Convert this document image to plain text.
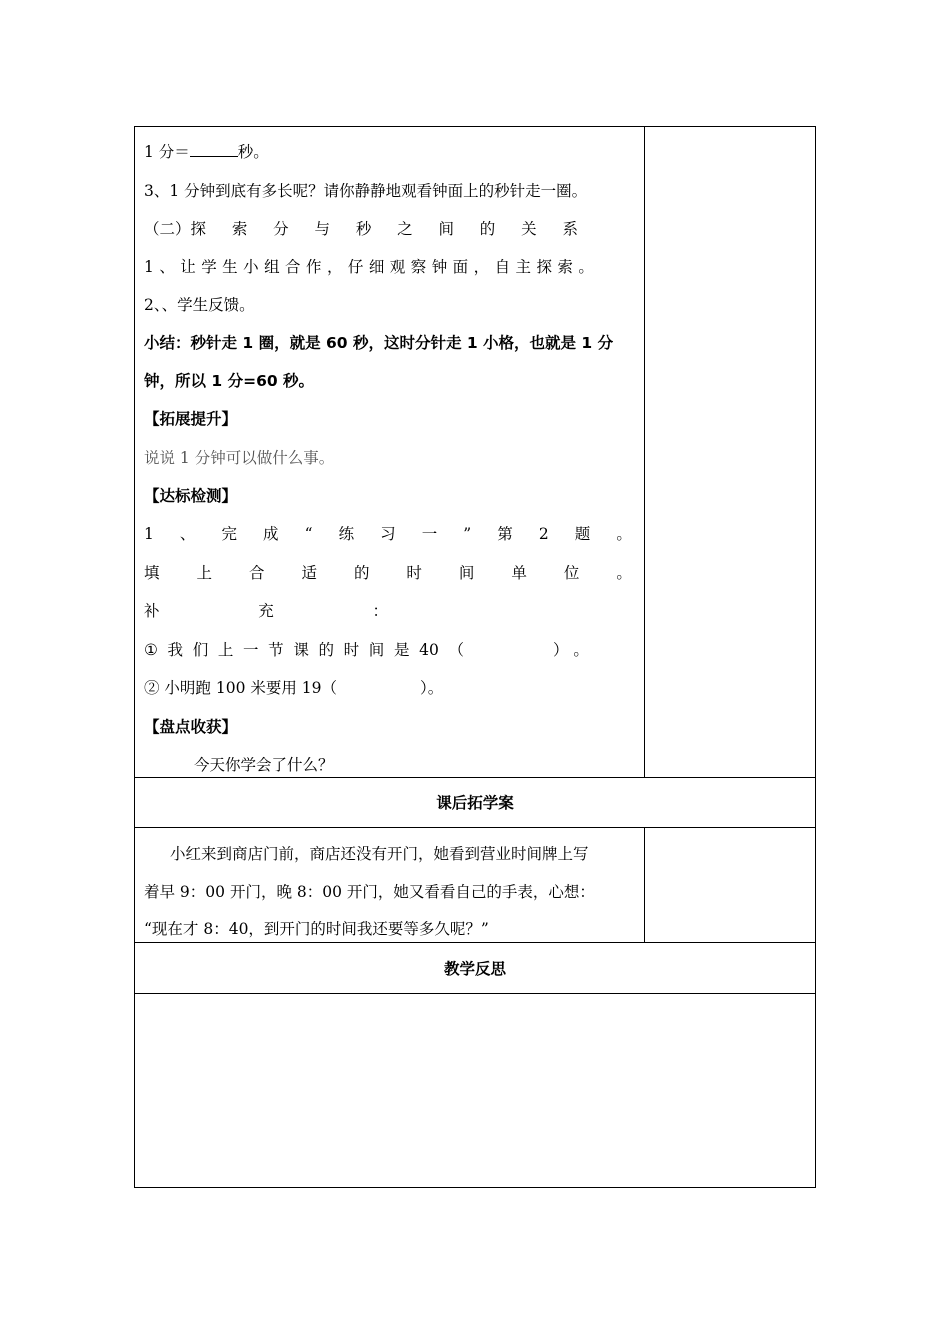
1 分＝	秒。
3、1 分钟到底有多长呢？请你静静地观看钟面上的秒针走一圈。
（二）探 索 分 与 秒 之 间 的 关 系
1 、 让 学 生 小 组 合 作 ， 仔 细 观 察 钟 面 ， 自 主 探 索 。
2、、学生反馈。
小结：秒针走 1 圈，就是 60 秒，这时分针走 1 小格，也就是 1 分
钟，所以 1 分=60 秒。
【拓展提升】
说说 1 分钟可以做什么事。
【达标检测】
1 、 完 成 “ 练 习 一 ” 第 2 题 。
填 上 合 适 的 时 间 单 位 。
补	充	：
① 我 们 上 一 节 课 的 时 间 是 40 （	） 。
② 小明跑 100 米要用 19（	）。
【盘点收获】
今天你学会了什么？
课后拓学案
小红来到商店门前，商店还没有开门，她看到营业时间牌上写
着早 9：00 开门，晚 8：00 开门，她又看看自己的手表，心想：
“现在才 8：40，到开门的时间我还要等多久呢？”
教学反思
